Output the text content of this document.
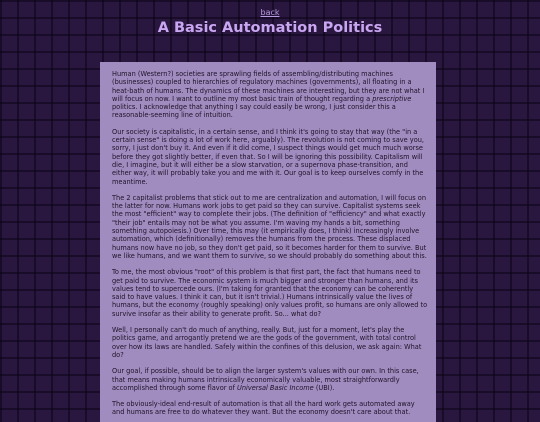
back
A Basic Automation Politics

Human (Western?) societies are sprawling fields of assembling/distributing machines (businesses) coupled to hierarchies of regulatory machines (governments), all floating in a heat-bath of humans. The dynamics of these machines are interesting, but they are not what I will focus on now. I want to outline my most basic train of thought regarding a prescriptive politics. I acknowledge that anything I say could easily be wrong, I just consider this a reasonable-seeming line of intuition.

Our society is capitalistic, in a certain sense, and I think it's going to stay that way (the "in a certain sense" is doing a lot of work here, arguably). The revolution is not coming to save you, sorry, I just don't buy it. And even if it did come, I suspect things would get much much worse before they got slightly better, if even that. So I will be ignoring this possibility. Capitalism will die, I imagine, but it will either be a slow starvation, or a supernova phase-transition, and either way, it will probably take you and me with it. Our goal is to keep ourselves comfy in the meantime.

The 2 capitalist problems that stick out to me are centralization and automation, I will focus on the latter for now. Humans work jobs to get paid so they can survive. Capitalist systems seek the most "efficient" way to complete their jobs. (The definition of "efficiency" and what exactly "their job" entails may not be what you assume. I'm waving my hands a bit, something something autopoiesis.) Over time, this may (it empirically does, I think) increasingly involve automation, which (definitionally) removes the humans from the process. These displaced humans now have no job, so they don't get paid, so it becomes harder for them to survive. But we like humans, and we want them to survive, so we should probably do something about this.

To me, the most obvious "root" of this problem is that first part, the fact that humans need to get paid to survive. The economic system is much bigger and stronger than humans, and its values tend to supercede ours. (I'm taking for granted that the economy can be coherently said to have values. I think it can, but it isn't trivial.) Humans intrinsically value the lives of humans, but the economy (roughly speaking) only values profit, so humans are only allowed to survive insofar as their ability to generate profit. So... what do?

Well, I personally can't do much of anything, really. But, just for a moment, let's play the politics game, and arrogantly pretend we are the gods of the government, with total control over how its laws are handled. Safely within the confines of this delusion, we ask again: What do?

Our goal, if possible, should be to align the larger system's values with our own. In this case, that means making humans intrinsically economically valuable, most straightforwardly accomplished through some flavor of Universal Basic Income (UBI).

The obviously-ideal end-result of automation is that all the hard work gets automated away and humans are free to do whatever they want. But the economy doesn't care about that.
